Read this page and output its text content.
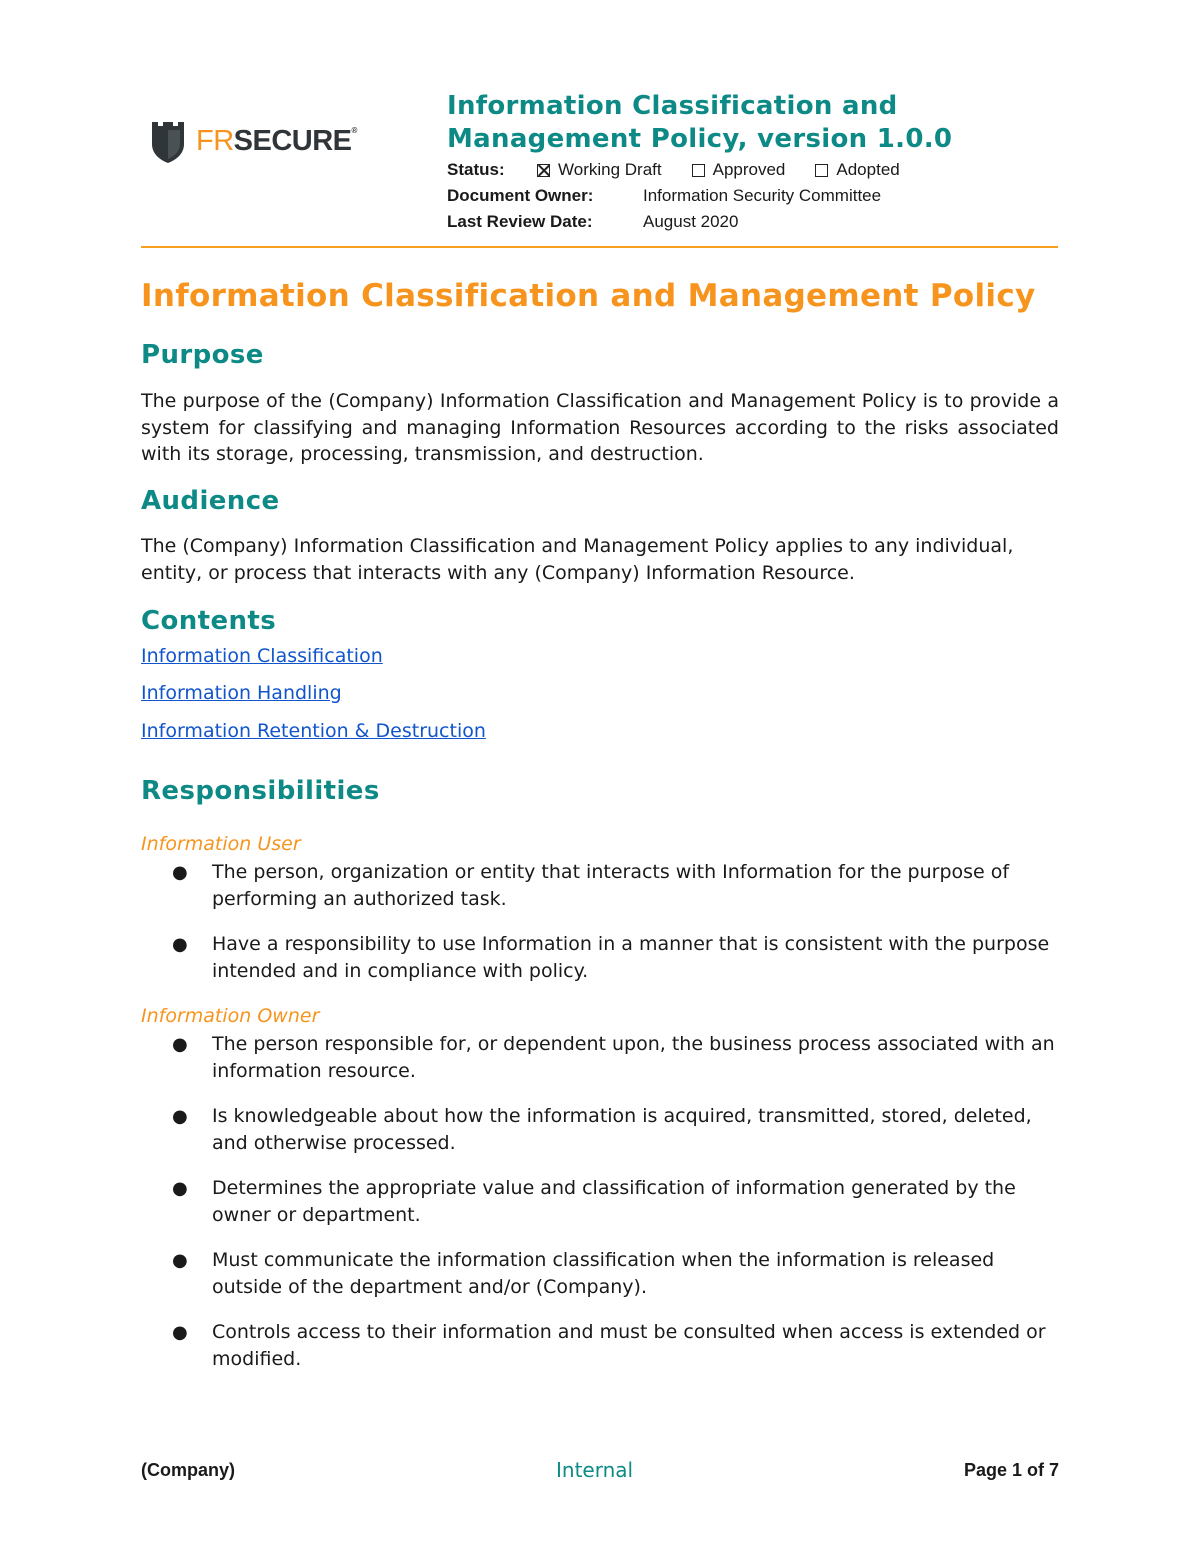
FRSECURE®
Information Classification and Management Policy, version 1.0.0
Status:	Working Draft	Approved	Adopted
Document Owner:	Information Security Committee
Last Review Date:	August 2020
Information Classification and Management Policy
Purpose
The purpose of the (Company) Information Classification and Management Policy is to provide a system for classifying and managing Information Resources according to the risks associated with its storage, processing, transmission, and destruction.
Audience
The (Company) Information Classification and Management Policy applies to any individual, entity, or process that interacts with any (Company) Information Resource.
Contents
Information Classification
Information Handling
Information Retention & Destruction
Responsibilities
Information User
●	The person, organization or entity that interacts with Information for the purpose of performing an authorized task.
●	Have a responsibility to use Information in a manner that is consistent with the purpose intended and in compliance with policy.
Information Owner
●	The person responsible for, or dependent upon, the business process associated with an information resource.
●	Is knowledgeable about how the information is acquired, transmitted, stored, deleted, and otherwise processed.
●	Determines the appropriate value and classification of information generated by the owner or department.
●	Must communicate the information classification when the information is released outside of the department and/or (Company).
●	Controls access to their information and must be consulted when access is extended or modified.
(Company)	Internal	Page 1 of 7
